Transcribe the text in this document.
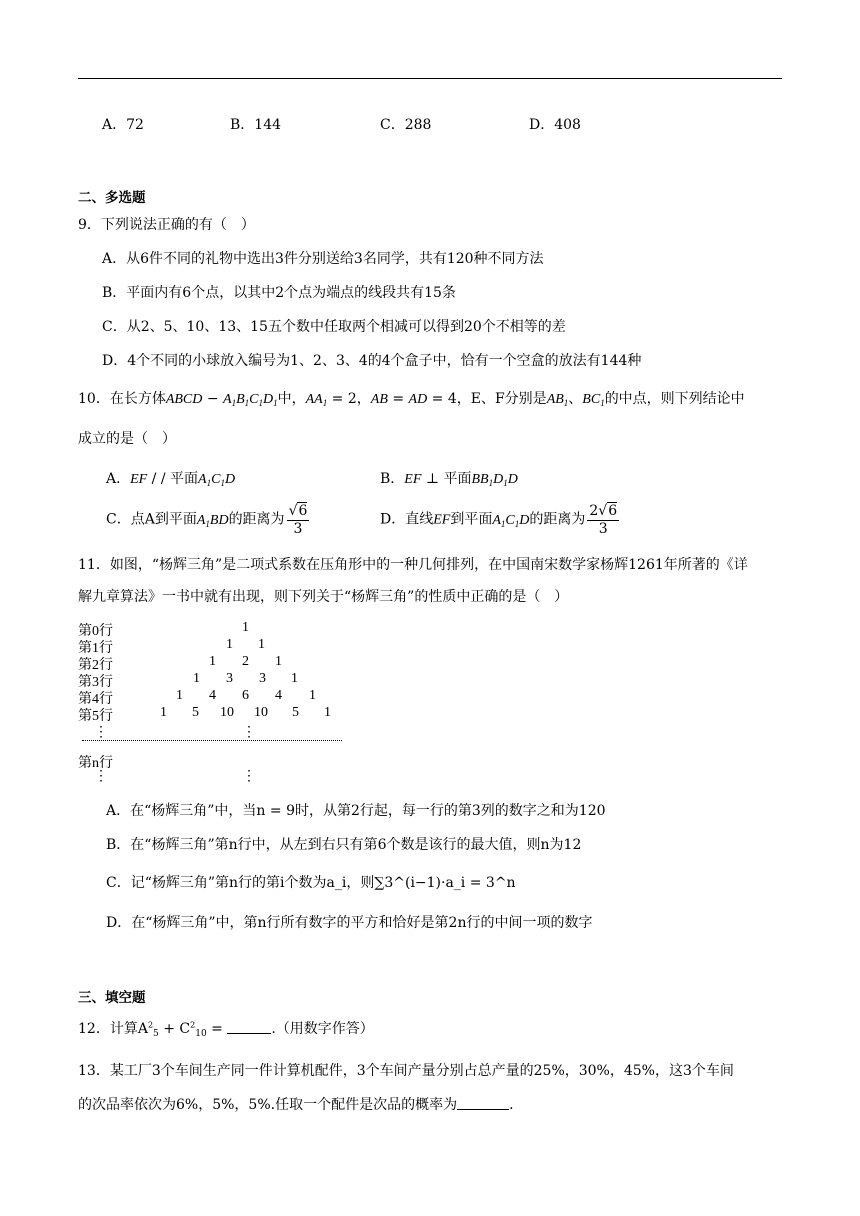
A．72	B．144	C．288	D．408
二、多选题
9．下列说法正确的有（　）
A．从6件不同的礼物中选出3件分别送给3名同学，共有120种不同方法
B．平面内有6个点，以其中2个点为端点的线段共有15条
C．从2、5、10、13、15五个数中任取两个相减可以得到20个不相等的差
D．4个不同的小球放入编号为1、2、3、4的4个盒子中，恰有一个空盒的放法有144种
10．在长方体ABCD − $A_1B_1C_1D_1$中，$AA_1 = 2$，AB = AD = 4，E、F分别是$AB_1$、$BC_1$的中点，则下列结论中
成立的是（　）
A．EF / / 平面$A_1C_1D$	B．EF ⊥ 平面$BB_1D_1D$
C．点A到平面$A_1BD$的距离为 $\frac{√6}{3}$	D．直线EF到平面$A_1C_1D$的距离为 $\frac{2√6}{3}$
11．如图，“杨辉三角”是二项式系数在压角形中的一种几何排列，在中国南宋数学家杨辉1261年所著的《详
解九章算法》一书中就有出现，则下列关于“杨辉三角”的性质中正确的是（　）
第0行
第1行
第2行
第3行
第4行
第5行
⋮	⋮
第n行
⋮	⋮
1
1 1
1 2 1
1 3 3 1
1 4 6 4 1
1 5 10 10 5 1
A．在“杨辉三角”中，当n = 9时，从第2行起，每一行的第3列的数字之和为120
B．在“杨辉三角”第n行中，从左到右只有第6个数是该行的最大值，则n为12
C．记“杨辉三角”第n行的第i个数为a_i，则∑3^(i−1)·a_i = 3^n
D．在“杨辉三角”中，第n行所有数字的平方和恰好是第2n行的中间一项的数字
三、填空题
12．计算$A^2_5 + C^2_{10}$ =	.（用数字作答）
13．某工厂3个车间生产同一件计算机配件，3个车间产量分别占总产量的25%，30%，45%，这3个车间
的次品率依次为6%，5%，5%.任取一个配件是次品的概率为	.
